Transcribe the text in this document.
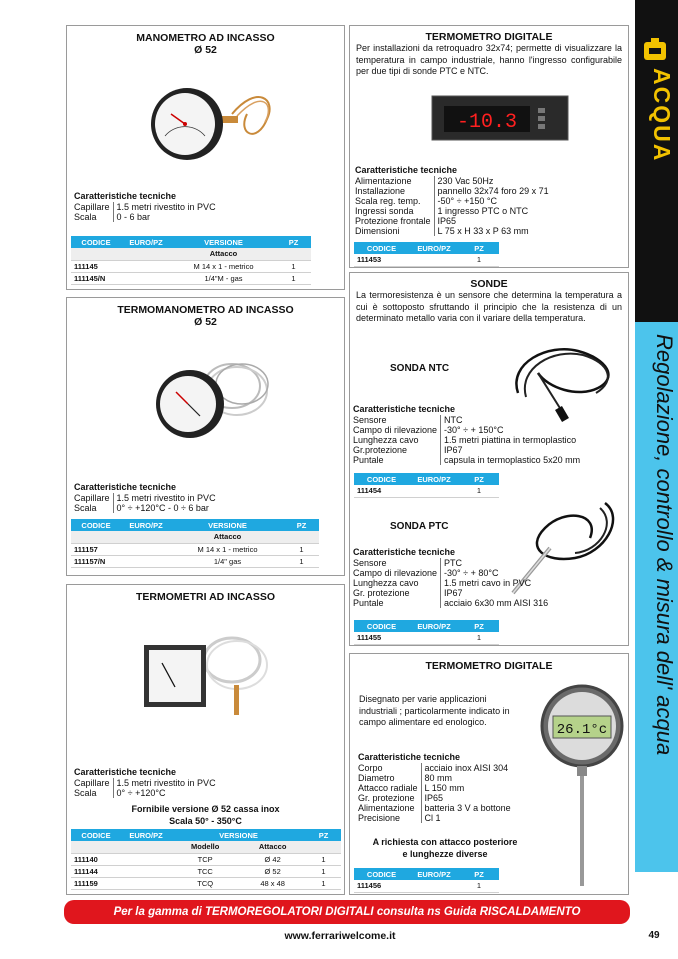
MANOMETRO AD INCASSO
Ø 52
Caratteristiche tecniche
Capillare	1.5 metri rivestito in PVC
Scala	0 - 6 bar
CODICE	EURO/PZ	VERSIONE	PZ
		Attacco	
111145		M 14 x 1 - metrico	1
111145/N		1/4"M - gas	1
TERMOMANOMETRO AD INCASSO
Ø 52
Caratteristiche tecniche
Capillare	1.5 metri rivestito in PVC
Scala	0° ÷ +120°C - 0 ÷ 6 bar
CODICE	EURO/PZ	VERSIONE	PZ
		Attacco	
111157		M 14 x 1 - metrico	1
111157/N		1/4" gas	1
TERMOMETRI AD INCASSO
Caratteristiche tecniche
Capillare	1.5 metri rivestito in PVC
Scala	0° ÷ +120°C
Fornibile versione Ø 52 cassa inox
Scala 50° - 350°C
CODICE	EURO/PZ	VERSIONE		PZ
		Modello	Attacco	
111140		TCP	Ø 42	1
111144		TCC	Ø 52	1
111159		TCQ	48 x 48	1
TERMOMETRO DIGITALE
Per installazioni da retroquadro 32x74; permette di visualizzare la temperatura in campo industriale, hanno l'ingresso configurabile per due tipi di sonde PTC e NTC.
-10.3
Caratteristiche tecniche
Alimentazione	230 Vac 50Hz
Installazione	pannello 32x74 foro 29 x 71
Scala reg. temp.	-50° ÷ +150 °C
Ingressi sonda	1 ingresso PTC o NTC
Protezione frontale	IP65
Dimensioni	L 75 x H 33 x P 63 mm
CODICE	EURO/PZ	PZ
111453		1
SONDE
La termoresistenza è un sensore che determina la temperatura a cui è sottoposto sfruttando il principio che la resistenza di un determinato metallo varia con il variare della temperatura.
SONDA NTC
Caratteristiche tecniche
Sensore	NTC
Campo di rilevazione	-30° ÷ + 150°C
Lunghezza cavo	1.5 metri piattina in termoplastico
Gr.protezione	IP67
Puntale	capsula in termoplastico 5x20 mm
CODICE	EURO/PZ	PZ
111454		1
SONDA PTC
Caratteristiche tecniche
Sensore	PTC
Campo di rilevazione	-30° ÷ + 80°C
Lunghezza cavo	1.5 metri cavo in PVC
Gr. protezione	IP67
Puntale	acciaio 6x30 mm AISI 316
CODICE	EURO/PZ	PZ
111455		1
TERMOMETRO DIGITALE
Disegnato per varie applicazioni industriali ; particolarmente indicato in campo alimentare ed enologico.	26.1°c
Caratteristiche tecniche
Corpo	acciaio inox AISI 304
Diametro	80 mm
Attacco radiale	L 150 mm
Gr. protezione	IP65
Alimentazione	batteria 3 V a bottone
Precisione	Cl 1
A richiesta con attacco posteriore
e lunghezze diverse
CODICE	EURO/PZ	PZ
111456		1
ACQUA
Regolazione, controllo & misura dell' acqua
Per la gamma di TERMOREGOLATORI DIGITALI consulta ns Guida RISCALDAMENTO
www.ferrariwelcome.it	49
